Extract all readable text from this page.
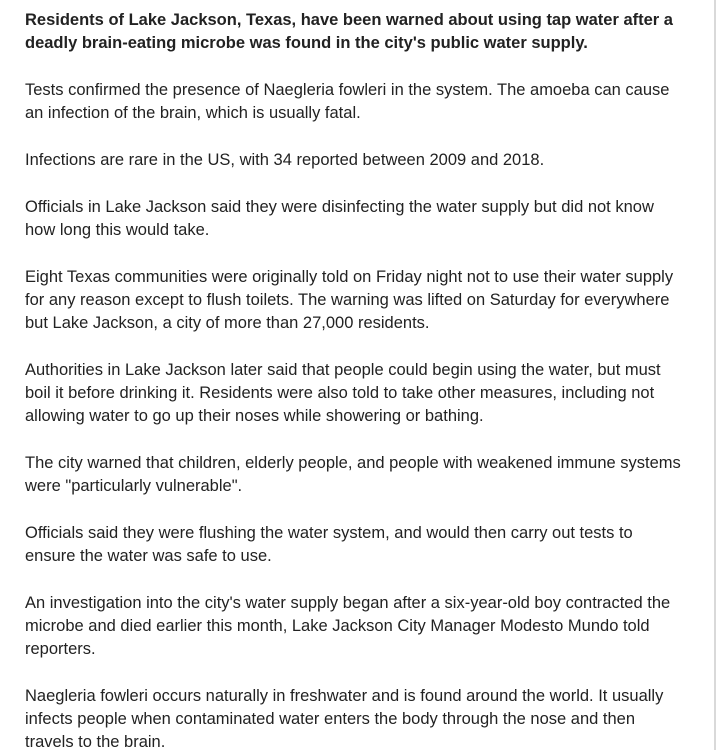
Residents of Lake Jackson, Texas, have been warned about using tap water after a deadly brain-eating microbe was found in the city's public water supply.

Tests confirmed the presence of Naegleria fowleri in the system. The amoeba can cause an infection of the brain, which is usually fatal.

Infections are rare in the US, with 34 reported between 2009 and 2018.

Officials in Lake Jackson said they were disinfecting the water supply but did not know how long this would take.

Eight Texas communities were originally told on Friday night not to use their water supply for any reason except to flush toilets. The warning was lifted on Saturday for everywhere but Lake Jackson, a city of more than 27,000 residents.

Authorities in Lake Jackson later said that people could begin using the water, but must boil it before drinking it. Residents were also told to take other measures, including not allowing water to go up their noses while showering or bathing.

The city warned that children, elderly people, and people with weakened immune systems were "particularly vulnerable".

Officials said they were flushing the water system, and would then carry out tests to ensure the water was safe to use.

An investigation into the city's water supply began after a six-year-old boy contracted the microbe and died earlier this month, Lake Jackson City Manager Modesto Mundo told reporters.

Naegleria fowleri occurs naturally in freshwater and is found around the world. It usually infects people when contaminated water enters the body through the nose and then travels to the brain.
